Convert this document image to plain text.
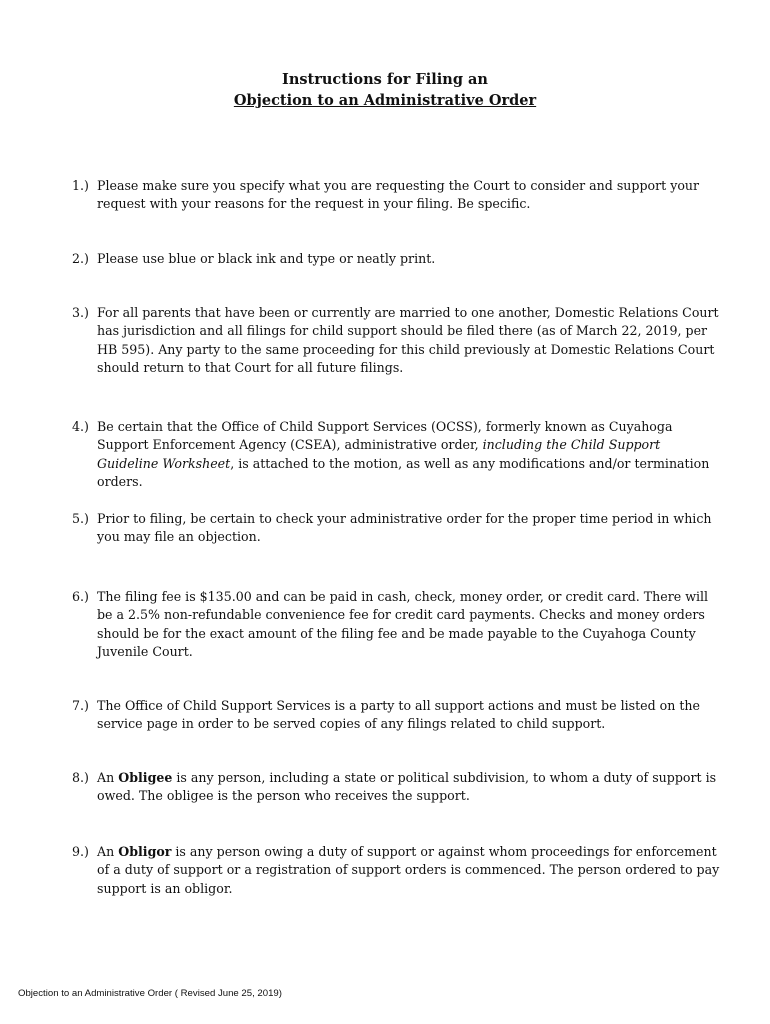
Instructions for Filing an
Objection to an Administrative Order
1.) Please make sure you specify what you are requesting the Court to consider and support your request with your reasons for the request in your filing. Be specific.
2.) Please use blue or black ink and type or neatly print.
3.) For all parents that have been or currently are married to one another, Domestic Relations Court has jurisdiction and all filings for child support should be filed there (as of March 22, 2019, per HB 595). Any party to the same proceeding for this child previously at Domestic Relations Court should return to that Court for all future filings.
4.) Be certain that the Office of Child Support Services (OCSS), formerly known as Cuyahoga Support Enforcement Agency (CSEA), administrative order, including the Child Support Guideline Worksheet, is attached to the motion, as well as any modifications and/or termination orders.
5.) Prior to filing, be certain to check your administrative order for the proper time period in which you may file an objection.
6.) The filing fee is $135.00 and can be paid in cash, check, money order, or credit card. There will be a 2.5% non-refundable convenience fee for credit card payments. Checks and money orders should be for the exact amount of the filing fee and be made payable to the Cuyahoga County Juvenile Court.
7.) The Office of Child Support Services is a party to all support actions and must be listed on the service page in order to be served copies of any filings related to child support.
8.) An Obligee is any person, including a state or political subdivision, to whom a duty of support is owed. The obligee is the person who receives the support.
9.) An Obligor is any person owing a duty of support or against whom proceedings for enforcement of a duty of support or a registration of support orders is commenced. The person ordered to pay support is an obligor.
Objection to an Administrative Order ( Revised June 25, 2019)
